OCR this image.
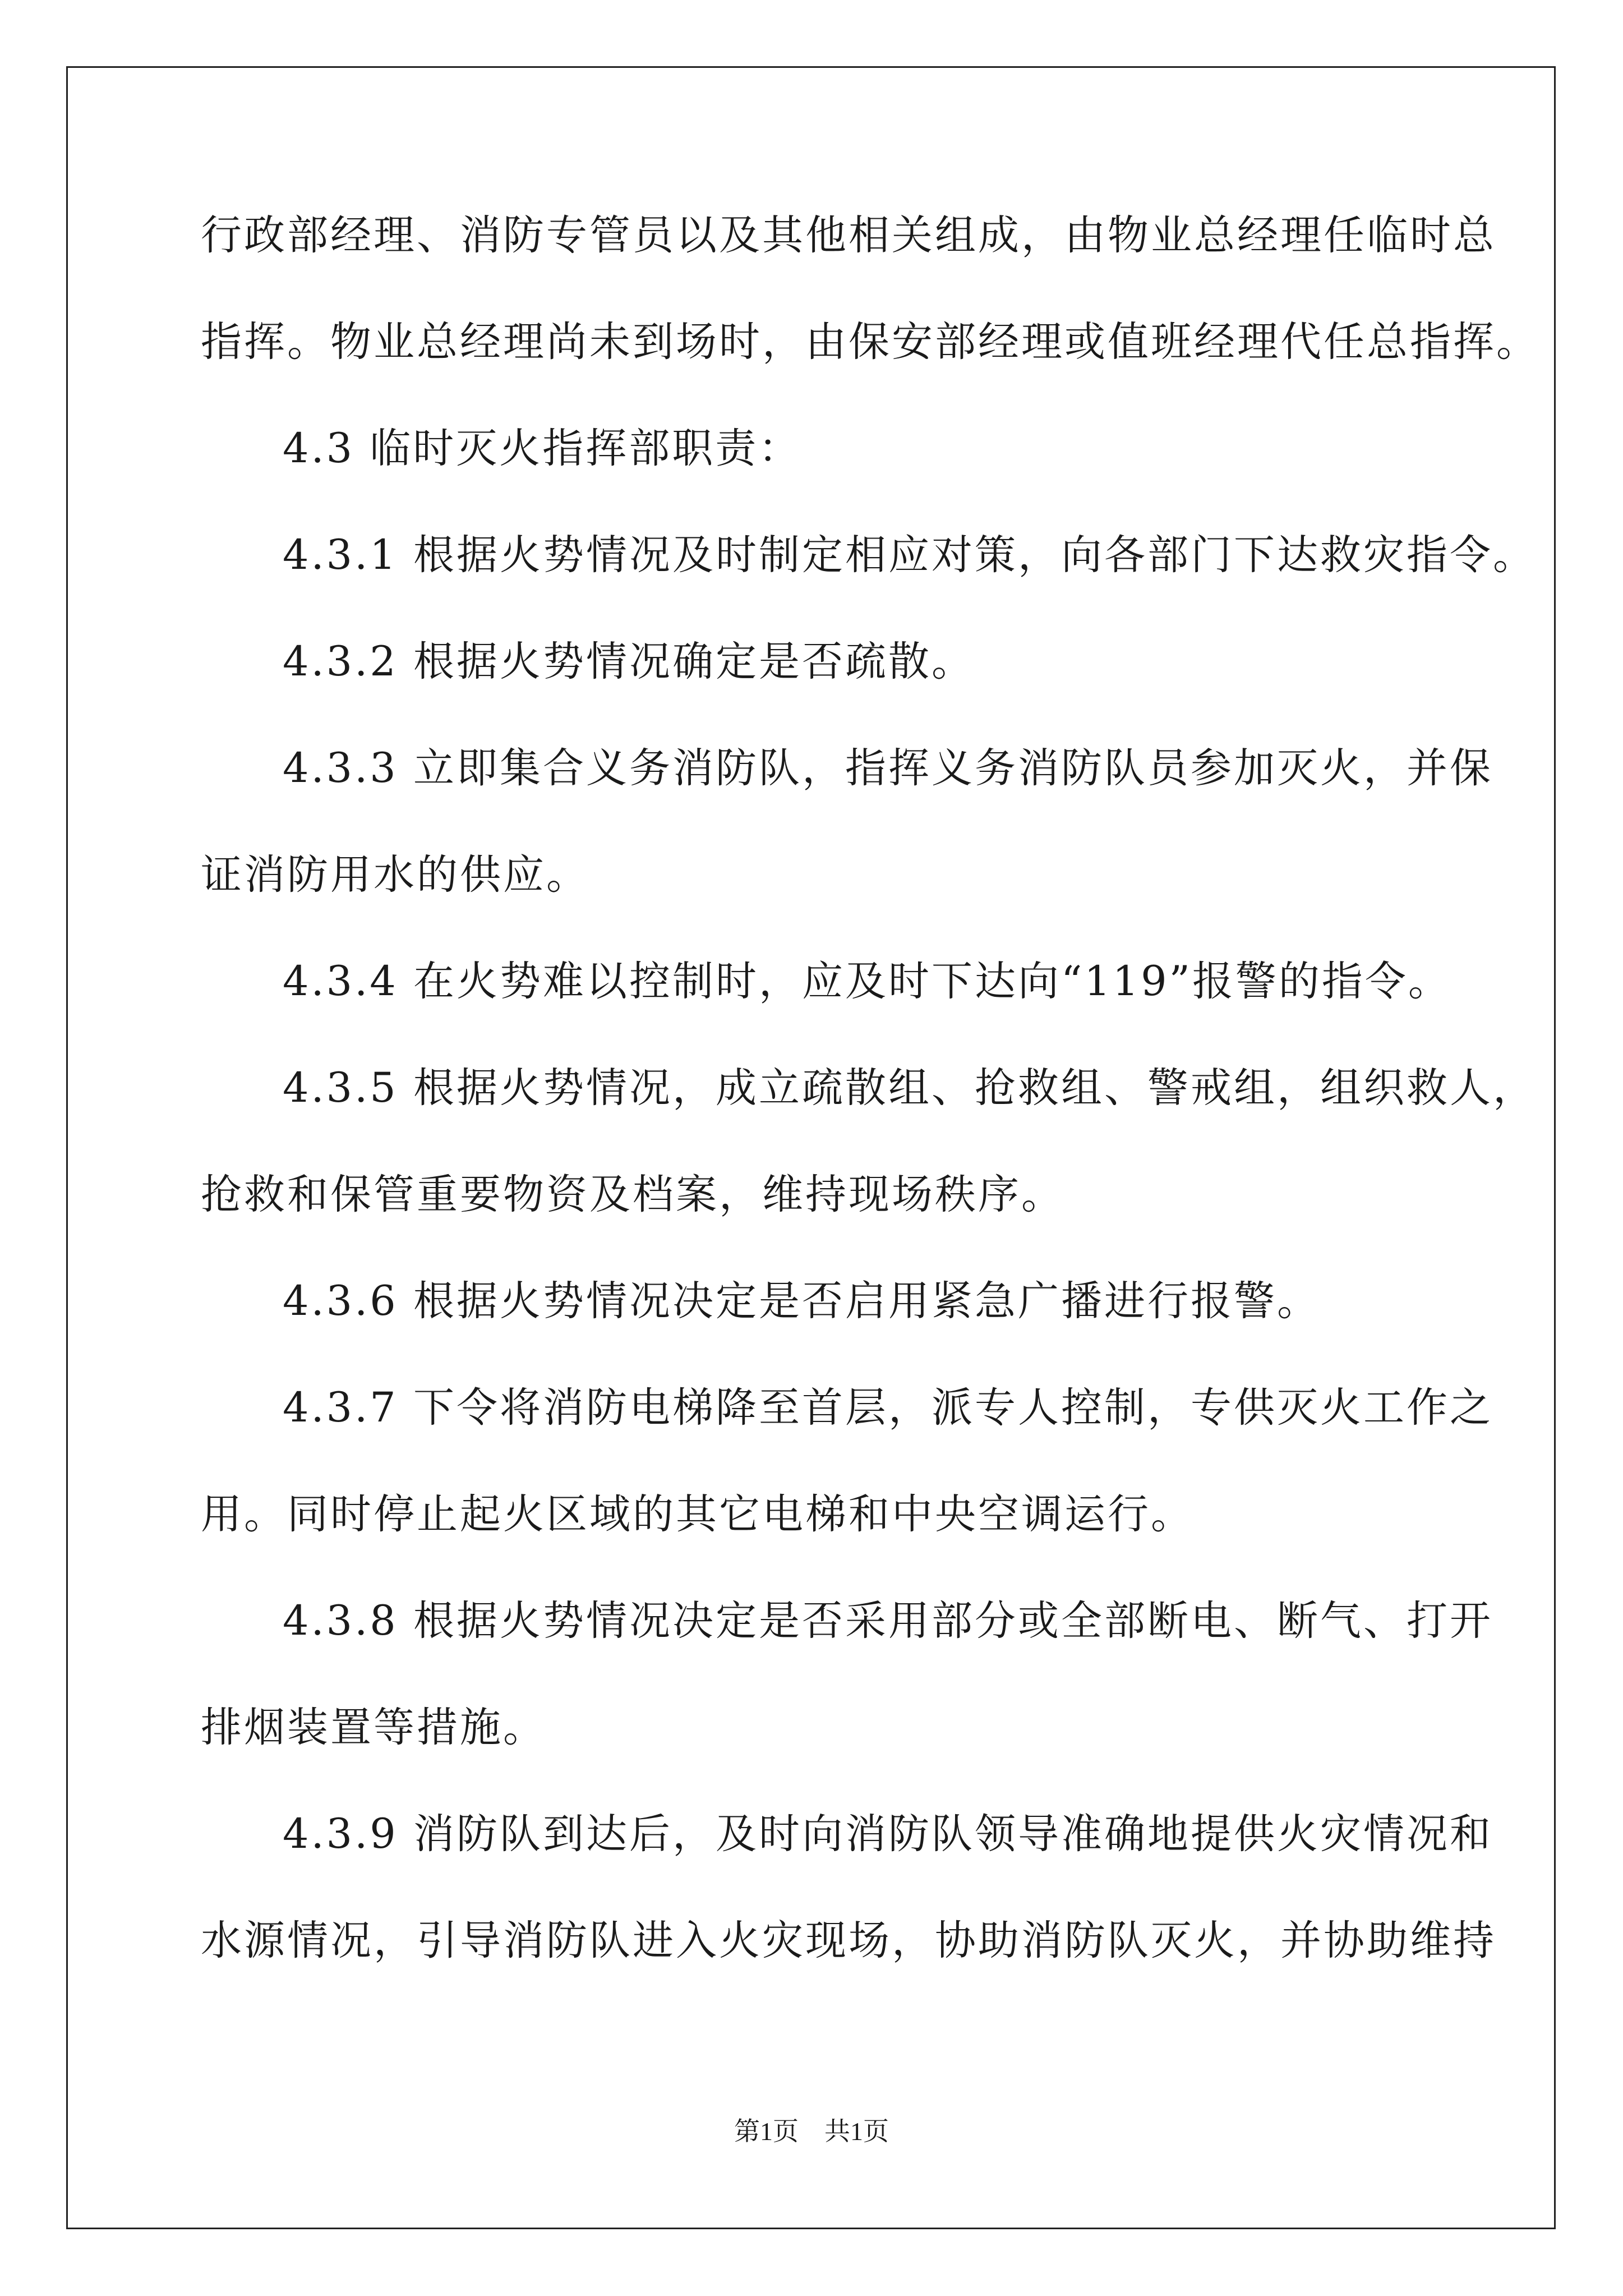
行政部经理、消防专管员以及其他相关组成，由物业总经理任临时总
指挥。物业总经理尚未到场时，由保安部经理或值班经理代任总指挥。
4.3 临时灭火指挥部职责：
4.3.1 根据火势情况及时制定相应对策，向各部门下达救灾指令。
4.3.2 根据火势情况确定是否疏散。
4.3.3 立即集合义务消防队，指挥义务消防队员参加灭火，并保
证消防用水的供应。
4.3.4 在火势难以控制时，应及时下达向“119”报警的指令。
4.3.5 根据火势情况，成立疏散组、抢救组、警戒组，组织救人，
抢救和保管重要物资及档案，维持现场秩序。
4.3.6 根据火势情况决定是否启用紧急广播进行报警。
4.3.7 下令将消防电梯降至首层，派专人控制，专供灭火工作之
用。同时停止起火区域的其它电梯和中央空调运行。
4.3.8 根据火势情况决定是否采用部分或全部断电、断气、打开
排烟装置等措施。
4.3.9 消防队到达后，及时向消防队领导准确地提供火灾情况和
水源情况，引导消防队进入火灾现场，协助消防队灭火，并协助维持
第1页　共1页
